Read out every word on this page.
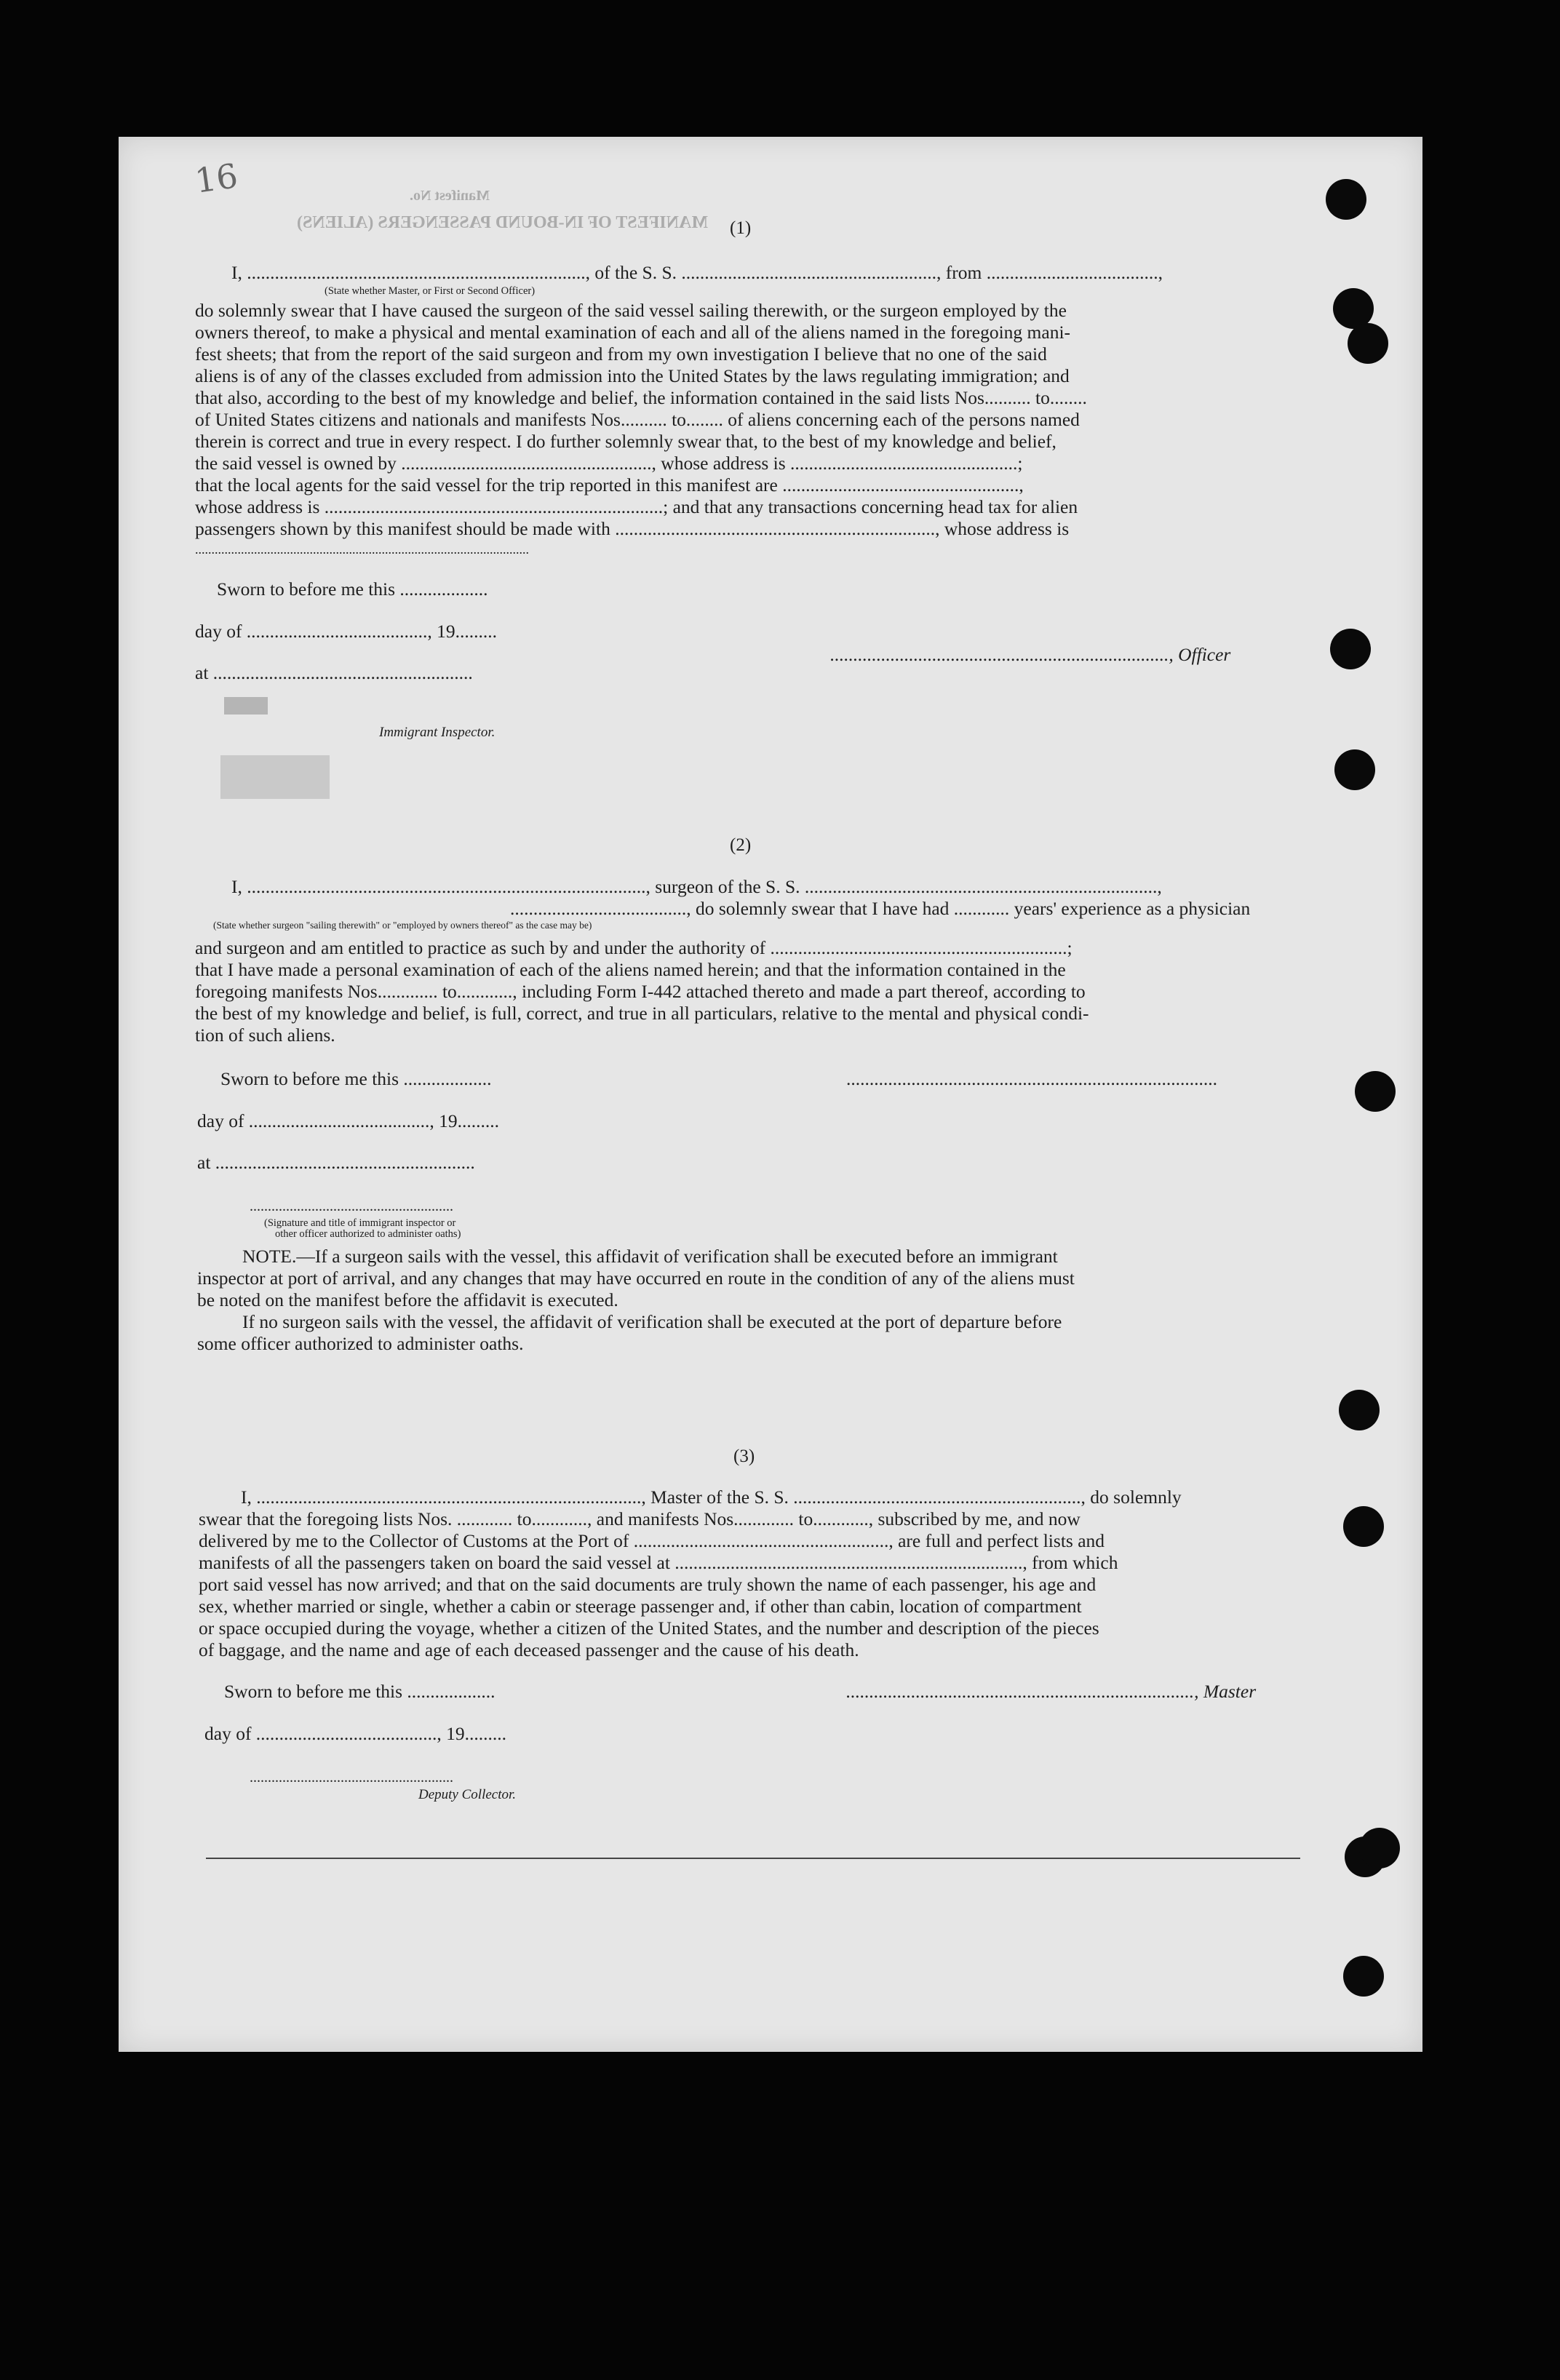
MANIFEST OF IN-BOUND PASSENGERS (ALIENS)
Manifest No.
16
(1)
I, ........................................................................., of the S. S. ......................................................., from .....................................,
(State whether Master, or First or Second Officer)
do solemnly swear that I have caused the surgeon of the said vessel sailing therewith, or the surgeon employed by the
owners thereof, to make a physical and mental examination of each and all of the aliens named in the foregoing mani-
fest sheets; that from the report of the said surgeon and from my own investigation I believe that no one of the said
aliens is of any of the classes excluded from admission into the United States by the laws regulating immigration; and
that also, according to the best of my knowledge and belief, the information contained in the said lists Nos.......... to........
of United States citizens and nationals and manifests Nos.......... to........ of aliens concerning each of the persons named
therein is correct and true in every respect. I do further solemnly swear that, to the best of my knowledge and belief,
the said vessel is owned by ......................................................, whose address is .................................................;
that the local agents for the said vessel for the trip reported in this manifest are ...................................................,
whose address is .........................................................................; and that any transactions concerning head tax for alien
passengers shown by this manifest should be made with ....................................................................., whose address is
......................................................................................................
Sworn to before me this ...................
........................................................................., Officer
day of ......................................., 19.........
at ........................................................
Immigrant Inspector.
(2)
I, ......................................................................................, surgeon of the S. S. ............................................................................,
(State whether surgeon "sailing therewith" or "employed by owners thereof" as the case may be)
......................................, do solemnly swear that I have had ............ years' experience as a physician
and surgeon and am entitled to practice as such by and under the authority of ................................................................;
that I have made a personal examination of each of the aliens named herein; and that the information contained in the
foregoing manifests Nos............. to............, including Form I-442 attached thereto and made a part thereof, according to
the best of my knowledge and belief, is full, correct, and true in all particulars, relative to the mental and physical condi-
tion of such aliens.
Sworn to before me this ...................	................................................................................
day of ......................................., 19.........
at ........................................................
........................................................
(Signature and title of immigrant inspector or
other officer authorized to administer oaths)
NOTE.—If a surgeon sails with the vessel, this affidavit of verification shall be executed before an immigrant
inspector at port of arrival, and any changes that may have occurred en route in the condition of any of the aliens must
be noted on the manifest before the affidavit is executed.
If no surgeon sails with the vessel, the affidavit of verification shall be executed at the port of departure before
some officer authorized to administer oaths.
(3)
I, ..................................................................................., Master of the S. S. .............................................................., do solemnly
swear that the foregoing lists Nos. ............ to............, and manifests Nos............. to............, subscribed by me, and now
delivered by me to the Collector of Customs at the Port of ......................................................., are full and perfect lists and
manifests of all the passengers taken on board the said vessel at ..........................................................................., from which
port said vessel has now arrived; and that on the said documents are truly shown the name of each passenger, his age and
sex, whether married or single, whether a cabin or steerage passenger and, if other than cabin, location of compartment
or space occupied during the voyage, whether a citizen of the United States, and the number and description of the pieces
of baggage, and the name and age of each deceased passenger and the cause of his death.
Sworn to before me this ...................	..........................................................................., Master
day of ......................................., 19.........
........................................................
Deputy Collector.
